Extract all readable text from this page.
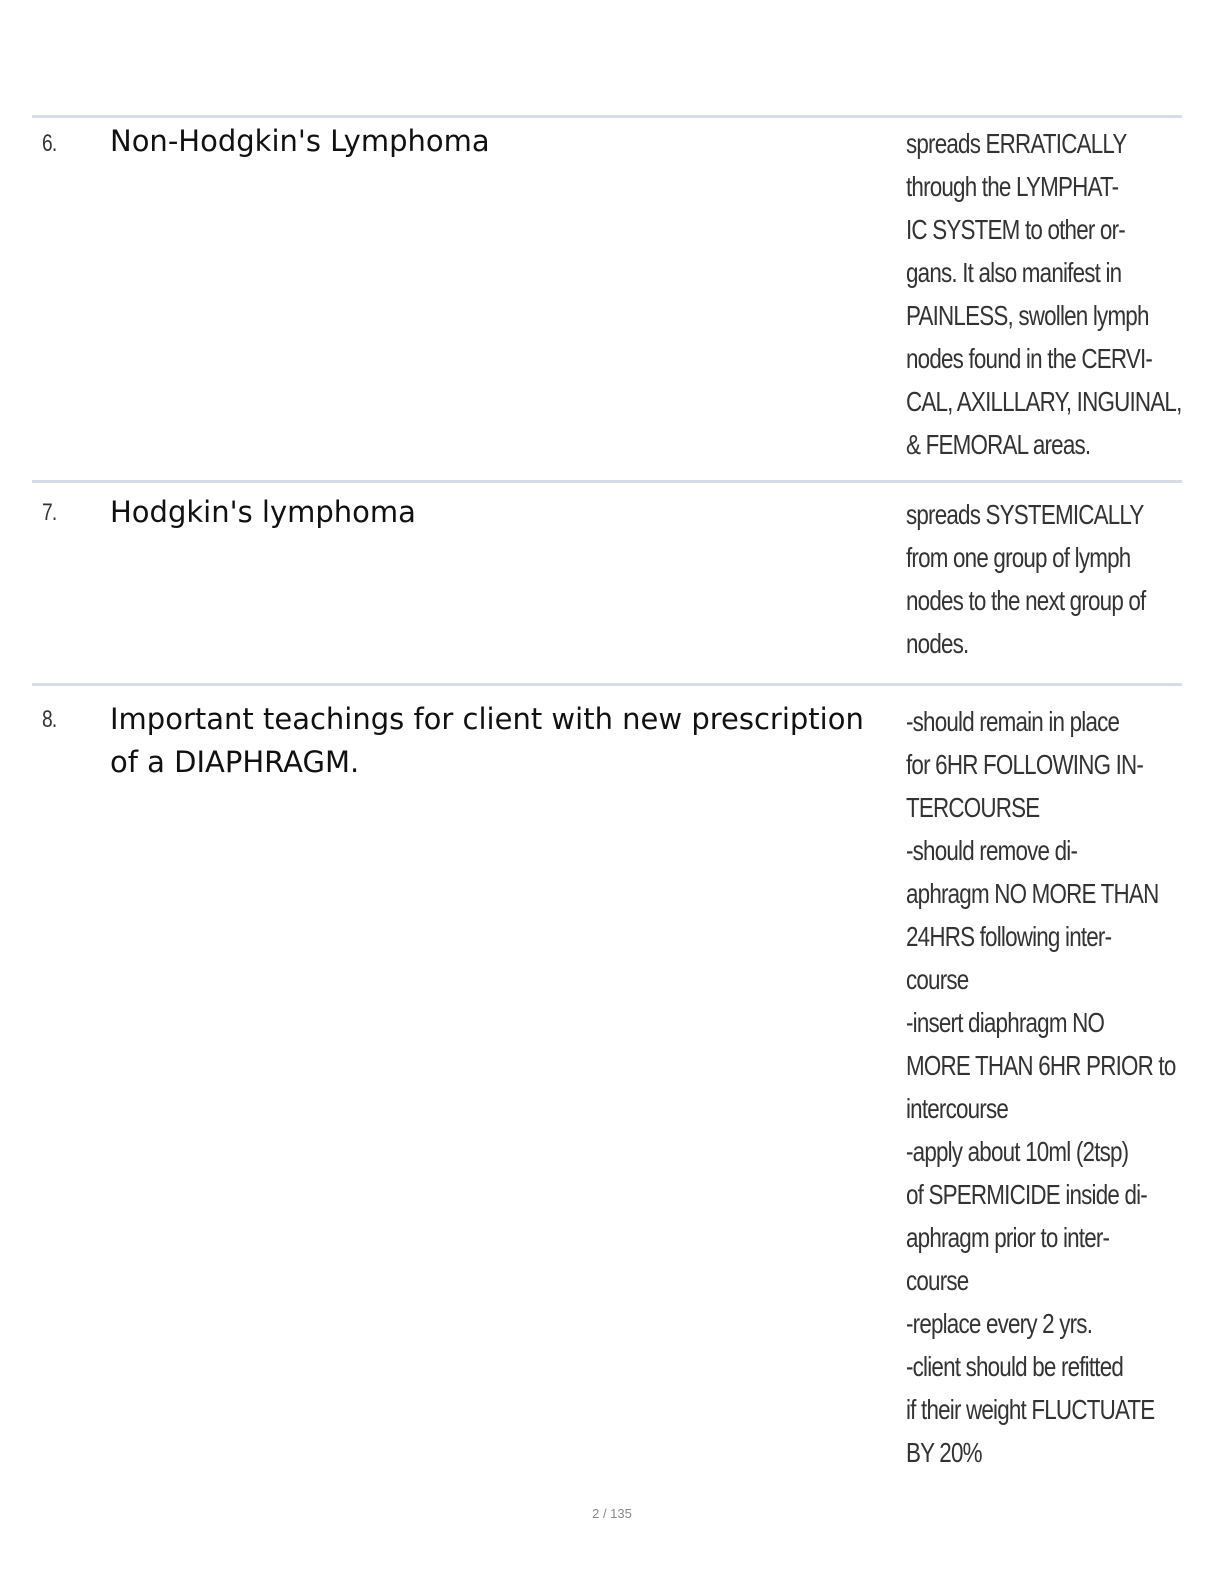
6. Non-Hodgkin's Lymphoma	spreads ERRATICALLY
through the LYMPHAT-
IC SYSTEM to other or-
gans. It also manifest in
PAINLESS, swollen lymph
nodes found in the CERVI-
CAL, AXILLLARY, INGUINAL,
& FEMORAL areas.
7. Hodgkin's lymphoma	spreads SYSTEMICALLY
from one group of lymph
nodes to the next group of
nodes.
8. Important teachings for client with new prescription of a DIAPHRAGM.
-should remain in place
for 6HR FOLLOWING IN-
TERCOURSE
-should remove di-
aphragm NO MORE THAN
24HRS following inter-
course
-insert diaphragm NO
MORE THAN 6HR PRIOR to
intercourse
-apply about 10ml (2tsp)
of SPERMICIDE inside di-
aphragm prior to inter-
course
-replace every 2 yrs.
-client should be refitted
if their weight FLUCTUATE
BY 20%
2 / 135
